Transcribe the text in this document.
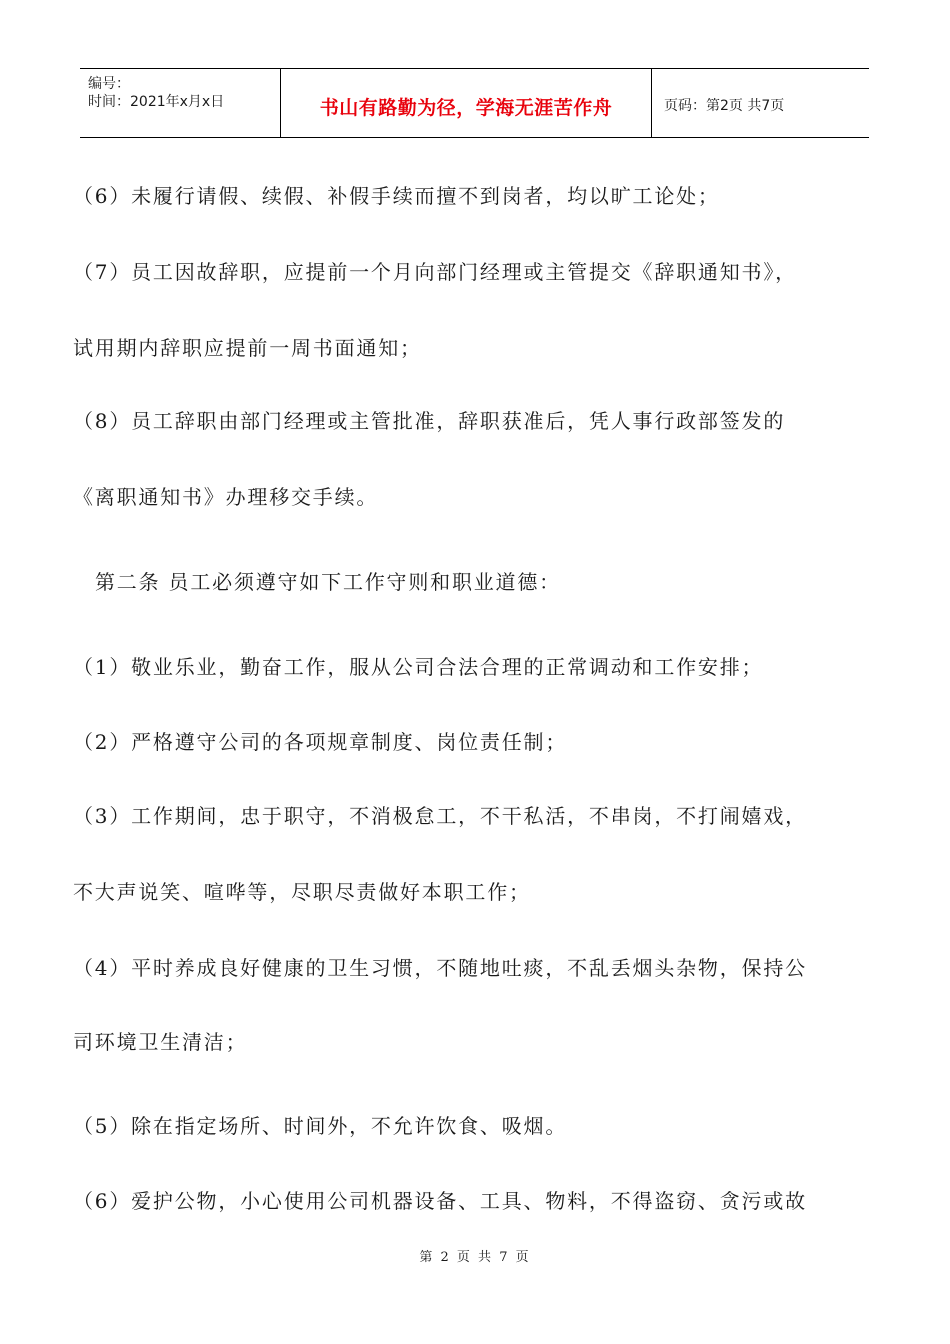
编号：
时间：2021年x月x日	书山有路勤为径，学海无涯苦作舟	页码：第2页 共7页
（6）未履行请假、续假、补假手续而擅不到岗者，均以旷工论处；
（7）员工因故辞职，应提前一个月向部门经理或主管提交《辞职通知书》，
试用期内辞职应提前一周书面通知；
（8）员工辞职由部门经理或主管批准，辞职获准后，凭人事行政部签发的
《离职通知书》办理移交手续。
第二条 员工必须遵守如下工作守则和职业道德：
（1）敬业乐业，勤奋工作，服从公司合法合理的正常调动和工作安排；
（2）严格遵守公司的各项规章制度、岗位责任制；
（3）工作期间，忠于职守，不消极怠工，不干私活，不串岗，不打闹嬉戏，
不大声说笑、喧哗等，尽职尽责做好本职工作；
（4）平时养成良好健康的卫生习惯，不随地吐痰，不乱丢烟头杂物，保持公
司环境卫生清洁；
（5）除在指定场所、时间外，不允许饮食、吸烟。
（6）爱护公物，小心使用公司机器设备、工具、物料，不得盗窃、贪污或故
第 2 页 共 7 页
